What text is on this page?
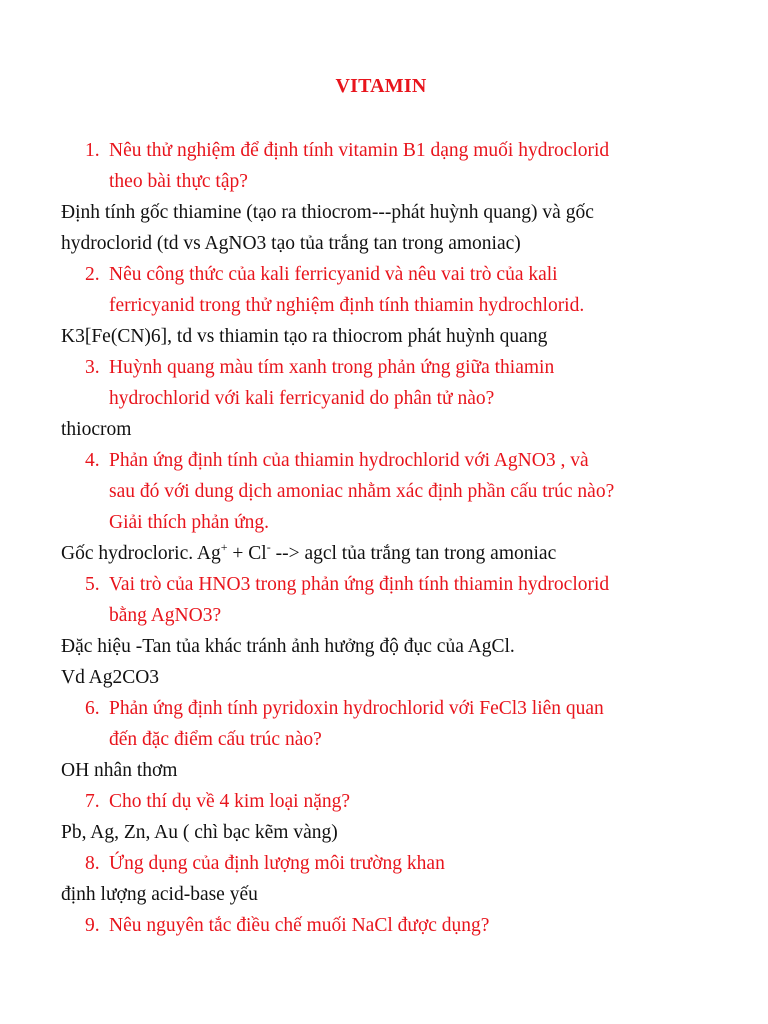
VITAMIN
1. Nêu thử nghiệm để định tính vitamin B1 dạng muối hydroclorid
theo bài thực tập?
Định tính gốc thiamine (tạo ra thiocrom---phát huỳnh quang) và gốc
hydroclorid (td vs AgNO3 tạo tủa trắng tan trong amoniac)
2. Nêu công thức của kali ferricyanid và nêu vai trò của kali
ferricyanid trong thử nghiệm định tính thiamin hydrochlorid.
K3[Fe(CN)6], td vs thiamin tạo ra thiocrom phát huỳnh quang
3. Huỳnh quang màu tím xanh trong phản ứng giữa thiamin
hydrochlorid với kali ferricyanid do phân tử nào?
thiocrom
4. Phản ứng định tính của thiamin hydrochlorid với AgNO3 , và
sau đó với dung dịch amoniac nhằm xác định phần cấu trúc nào?
Giải thích phản ứng.
Gốc hydrocloric. Ag+ + Cl- --> agcl tủa trắng tan trong amoniac
5. Vai trò của HNO3 trong phản ứng định tính thiamin hydroclorid
bằng AgNO3?
Đặc hiệu -Tan tủa khác tránh ảnh hưởng độ đục của AgCl.
Vd Ag2CO3
6. Phản ứng định tính pyridoxin hydrochlorid với FeCl3 liên quan
đến đặc điểm cấu trúc nào?
OH nhân thơm
7. Cho thí dụ về 4 kim loại nặng?
Pb, Ag, Zn, Au ( chì bạc kẽm vàng)
8. Ứng dụng của định lượng môi trường khan
định lượng acid-base yếu
9. Nêu nguyên tắc điều chế muối NaCl được dụng?
